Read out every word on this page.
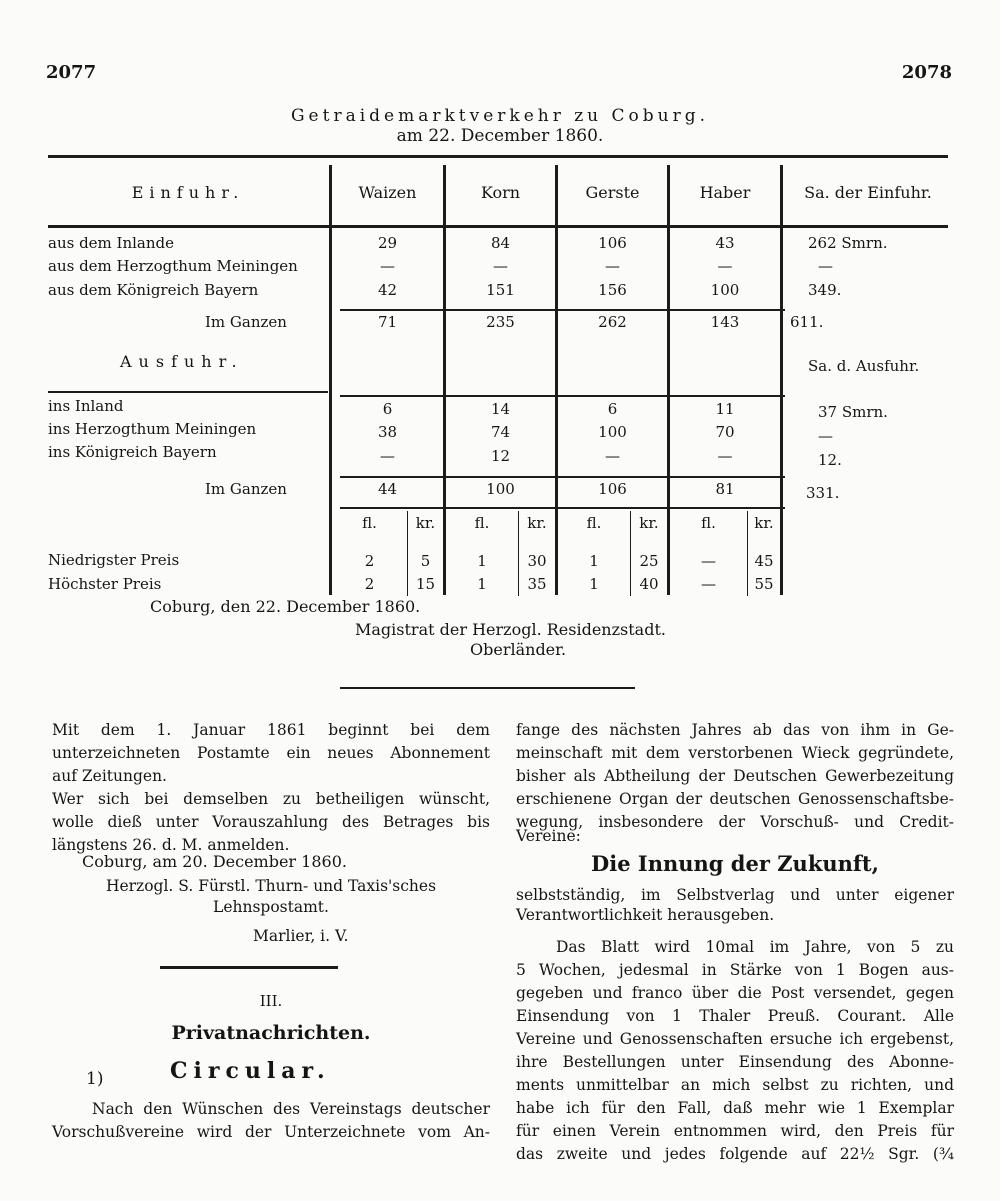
2077	2078
Getraidemarktverkehr zu Coburg.
am 22. December 1860.
Einfuhr.	Waizen	Korn	Gerste	Haber	Sa. der Einfuhr.
aus dem Inlande	29	84	106	43	262 Smrn.
aus dem Herzogthum Meiningen	—	—	—	—	—
aus dem Königreich Bayern	42	151	156	100	349.
Im Ganzen	71	235	262	143	611.
Ausfuhr.	Sa. d. Ausfuhr.
ins Inland	6	14	6	11	37 Smrn.
ins Herzogthum Meiningen	38	74	100	70	—
ins Königreich Bayern	—	12	—	—	12.
Im Ganzen	44	100	106	81	331.
fl.	kr.	fl.	kr.	fl.	kr.	fl.	kr.
Niedrigster Preis	2	5	1	30	1	25	—	45
Höchster Preis	2	15	1	35	1	40	—	55
Coburg, den 22. December 1860.
Magistrat der Herzogl. Residenzstadt.
Oberländer.
Mit dem 1. Januar 1861 beginnt bei dem
unterzeichneten Postamte ein neues Abonnement
auf Zeitungen.
Wer sich bei demselben zu betheiligen wünscht,
wolle dieß unter Vorauszahlung des Betrages bis
längstens 26. d. M. anmelden.
Coburg, am 20. December 1860.
Herzogl. S. Fürstl. Thurn- und Taxis'sches
Lehnspostamt.
Marlier, i. V.
III.
Privatnachrichten.
1)	Circular.
Nach den Wünschen des Vereinstags deutscher
Vorschußvereine wird der Unterzeichnete vom An-
fange des nächsten Jahres ab das von ihm in Ge-
meinschaft mit dem verstorbenen Wieck gegründete,
bisher als Abtheilung der Deutschen Gewerbezeitung
erschienene Organ der deutschen Genossenschaftsbe-
wegung, insbesondere der Vorschuß- und Credit-
Vereine:
Die Innung der Zukunft,
selbstständig, im Selbstverlag und unter eigener
Verantwortlichkeit herausgeben.
Das Blatt wird 10mal im Jahre, von 5 zu
5 Wochen, jedesmal in Stärke von 1 Bogen aus-
gegeben und franco über die Post versendet, gegen
Einsendung von 1 Thaler Preuß. Courant. Alle
Vereine und Genossenschaften ersuche ich ergebenst,
ihre Bestellungen unter Einsendung des Abonne-
ments unmittelbar an mich selbst zu richten, und
habe ich für den Fall, daß mehr wie 1 Exemplar
für einen Verein entnommen wird, den Preis für
das zweite und jedes folgende auf 22½ Sgr. (¾
